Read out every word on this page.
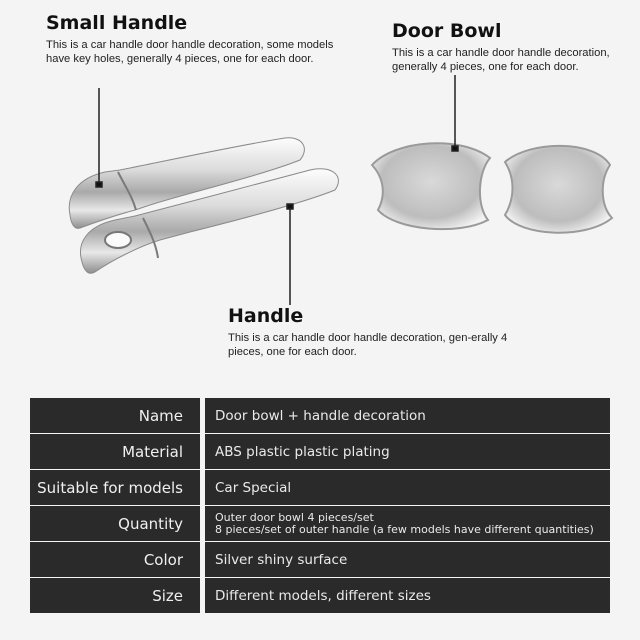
Small Handle

This is a car handle door handle decoration, some models have key holes, generally 4 pieces, one for each door.

Door Bowl

This is a car handle door handle decoration, generally 4 pieces, one for each door.

Handle

This is a car handle door handle decoration, gen-erally 4 pieces, one for each door.

Name	Door bowl + handle decoration
Material	ABS plastic plastic plating
Suitable for models	Car Special
Quantity	Outer door bowl 4 pieces/set
8 pieces/set of outer handle (a few models have different quantities)
Color	Silver shiny surface
Size	Different models, different sizes
